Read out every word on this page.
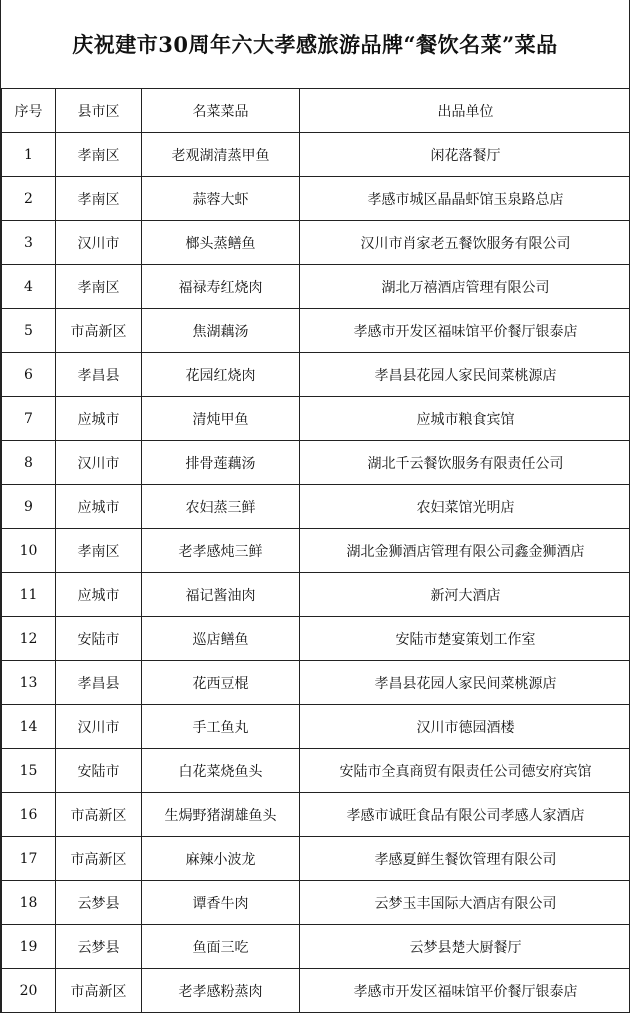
庆祝建市30周年六大孝感旅游品牌“餐饮名菜”菜品
序号	县市区	名菜菜品	出品单位
1	孝南区	老观湖清蒸甲鱼	闲花落餐厅
2	孝南区	蒜蓉大虾	孝感市城区晶晶虾馆玉泉路总店
3	汉川市	榔头蒸鳝鱼	汉川市肖家老五餐饮服务有限公司
4	孝南区	福禄寿红烧肉	湖北万禧酒店管理有限公司
5	市高新区	焦湖藕汤	孝感市开发区福味馆平价餐厅银泰店
6	孝昌县	花园红烧肉	孝昌县花园人家民间菜桃源店
7	应城市	清炖甲鱼	应城市粮食宾馆
8	汉川市	排骨莲藕汤	湖北千云餐饮服务有限责任公司
9	应城市	农妇蒸三鲜	农妇菜馆光明店
10	孝南区	老孝感炖三鲜	湖北金狮酒店管理有限公司鑫金狮酒店
11	应城市	福记酱油肉	新河大酒店
12	安陆市	巡店鳝鱼	安陆市楚宴策划工作室
13	孝昌县	花西豆棍	孝昌县花园人家民间菜桃源店
14	汉川市	手工鱼丸	汉川市德园酒楼
15	安陆市	白花菜烧鱼头	安陆市全真商贸有限责任公司德安府宾馆
16	市高新区	生焗野猪湖雄鱼头	孝感市诚旺食品有限公司孝感人家酒店
17	市高新区	麻辣小波龙	孝感夏鲜生餐饮管理有限公司
18	云梦县	谭香牛肉	云梦玉丰国际大酒店有限公司
19	云梦县	鱼面三吃	云梦县楚大厨餐厅
20	市高新区	老孝感粉蒸肉	孝感市开发区福味馆平价餐厅银泰店
